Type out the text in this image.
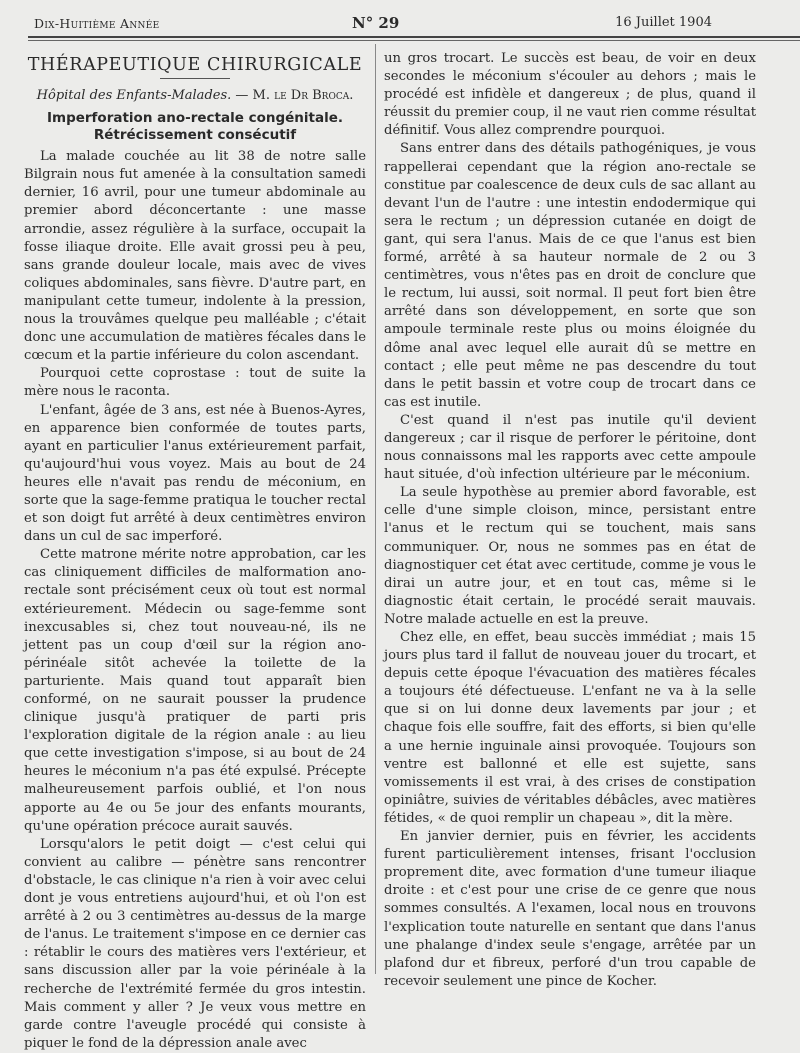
Dix-Huitième Année	N° 29	16 Juillet 1904
THÉRAPEUTIQUE CHIRURGICALE
Hôpital des Enfants-Malades. — M. le Dr Broca.
Imperforation ano-rectale congénitale.
Rétrécissement consécutif

La malade couchée au lit 38 de notre salle Bilgrain nous fut amenée à la consultation samedi dernier, 16 avril, pour une tumeur abdominale au premier abord déconcertante : une masse arrondie, assez régulière à la surface, occupait la fosse iliaque droite. Elle avait grossi peu à peu, sans grande douleur locale, mais avec de vives coliques abdominales, sans fièvre. D'autre part, en manipulant cette tumeur, indolente à la pression, nous la trouvâmes quelque peu malléable ; c'était donc une accumulation de matières fécales dans le cœcum et la partie inférieure du colon ascendant.

Pourquoi cette coprostase : tout de suite la mère nous le raconta.

L'enfant, âgée de 3 ans, est née à Buenos-Ayres, en apparence bien conformée de toutes parts, ayant en particulier l'anus extérieurement parfait, qu'aujourd'hui vous voyez. Mais au bout de 24 heures elle n'avait pas rendu de méconium, en sorte que la sage-femme pratiqua le toucher rectal et son doigt fut arrêté à deux centimètres environ dans un cul de sac imperforé.

Cette matrone mérite notre approbation, car les cas cliniquement difficiles de malformation ano-rectale sont précisément ceux où tout est normal extérieurement. Médecin ou sage-femme sont inexcusables si, chez tout nouveau-né, ils ne jettent pas un coup d'œil sur la région ano-périnéale sitôt achevée la toilette de la parturiente. Mais quand tout apparaît bien conformé, on ne saurait pousser la prudence clinique jusqu'à pratiquer de parti pris l'exploration digitale de la région anale : au lieu que cette investigation s'impose, si au bout de 24 heures le méconium n'a pas été expulsé. Précepte malheureusement parfois oublié, et l'on nous apporte au 4e ou 5e jour des enfants mourants, qu'une opération précoce aurait sauvés.

Lorsqu'alors le petit doigt — c'est celui qui convient au calibre — pénètre sans rencontrer d'obstacle, le cas clinique n'a rien à voir avec celui dont je vous entretiens aujourd'hui, et où l'on est arrêté à 2 ou 3 centimètres au-dessus de la marge de l'anus. Le traitement s'impose en ce dernier cas : rétablir le cours des matières vers l'extérieur, et sans discussion aller par la voie périnéale à la recherche de l'extrémité fermée du gros intestin. Mais comment y aller ? Je veux vous mettre en garde contre l'aveugle procédé qui consiste à piquer le fond de la dépression anale avec

un gros trocart. Le succès est beau, de voir en deux secondes le méconium s'écouler au dehors ; mais le procédé est infidèle et dangereux ; de plus, quand il réussit du premier coup, il ne vaut rien comme résultat définitif. Vous allez comprendre pourquoi.

Sans entrer dans des détails pathogéniques, je vous rappellerai cependant que la région ano-rectale se constitue par coalescence de deux culs de sac allant au devant l'un de l'autre : une intestin endodermique qui sera le rectum ; un dépression cutanée en doigt de gant, qui sera l'anus. Mais de ce que l'anus est bien formé, arrêté à sa hauteur normale de 2 ou 3 centimètres, vous n'êtes pas en droit de conclure que le rectum, lui aussi, soit normal. Il peut fort bien être arrêté dans son développement, en sorte que son ampoule terminale reste plus ou moins éloignée du dôme anal avec lequel elle aurait dû se mettre en contact ; elle peut même ne pas descendre du tout dans le petit bassin et votre coup de trocart dans ce cas est inutile.

C'est quand il n'est pas inutile qu'il devient dangereux ; car il risque de perforer le péritoine, dont nous connaissons mal les rapports avec cette ampoule haut située, d'où infection ultérieure par le méconium.

La seule hypothèse au premier abord favorable, est celle d'une simple cloison, mince, persistant entre l'anus et le rectum qui se touchent, mais sans communiquer. Or, nous ne sommes pas en état de diagnostiquer cet état avec certitude, comme je vous le dirai un autre jour, et en tout cas, même si le diagnostic était certain, le procédé serait mauvais. Notre malade actuelle en est la preuve.

Chez elle, en effet, beau succès immédiat ; mais 15 jours plus tard il fallut de nouveau jouer du trocart, et depuis cette époque l'évacuation des matières fécales a toujours été défectueuse. L'enfant ne va à la selle que si on lui donne deux lavements par jour ; et chaque fois elle souffre, fait des efforts, si bien qu'elle a une hernie inguinale ainsi provoquée. Toujours son ventre est ballonné et elle est sujette, sans vomissements il est vrai, à des crises de constipation opiniâtre, suivies de véritables débâcles, avec matières fétides, « de quoi remplir un chapeau », dit la mère.

En janvier dernier, puis en février, les accidents furent particulièrement intenses, frisant l'occlusion proprement dite, avec formation d'une tumeur iliaque droite : et c'est pour une crise de ce genre que nous sommes consultés. A l'examen, local nous en trouvons l'explication toute naturelle en sentant que dans l'anus une phalange d'index seule s'engage, arrêtée par un plafond dur et fibreux, perforé d'un trou capable de recevoir seulement une pince de Kocher.
